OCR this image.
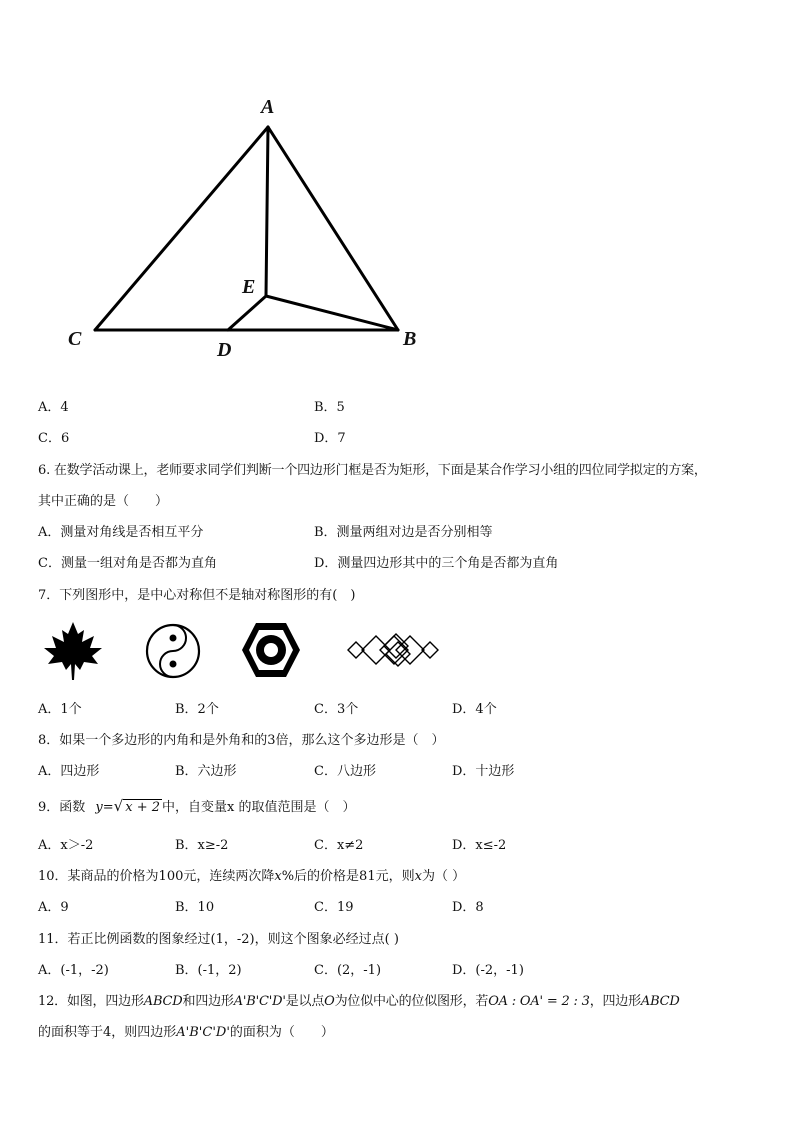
A
E
C	D	B
A．4	B．5
C．6	D．7
6. 在数学活动课上，老师要求同学们判断一个四边形门框是否为矩形，下面是某合作学习小组的四位同学拟定的方案，
其中正确的是（　　）
A．测量对角线是否相互平分	B．测量两组对边是否分别相等
C．测量一组对角是否都为直角	D．测量四边形其中的三个角是否都为直角
7．下列图形中，是中心对称但不是轴对称图形的有(　)
A．1个	B．2个	C．3个	D．4个
8．如果一个多边形的内角和是外角和的3倍，那么这个多边形是（　）
A．四边形	B．六边形	C．八边形	D．十边形
9．函数 y=√ x + 2 中，自变量x 的取值范围是（　）
A．x＞-2	B．x≥-2	C．x≠2	D．x≤-2
10．某商品的价格为100元，连续两次降x%后的价格是81元，则x为（ ）
A．9	B．10	C．19	D．8
11．若正比例函数的图象经过(1，-2)，则这个图象必经过点( )
A．(-1，-2)	B．(-1，2)	C．(2，-1)	D．(-2，-1)
12．如图，四边形ABCD和四边形A'B'C'D'是以点O为位似中心的位似图形，若OA : OA' = 2 : 3，四边形ABCD
的面积等于4，则四边形A'B'C'D'的面积为（　　）
